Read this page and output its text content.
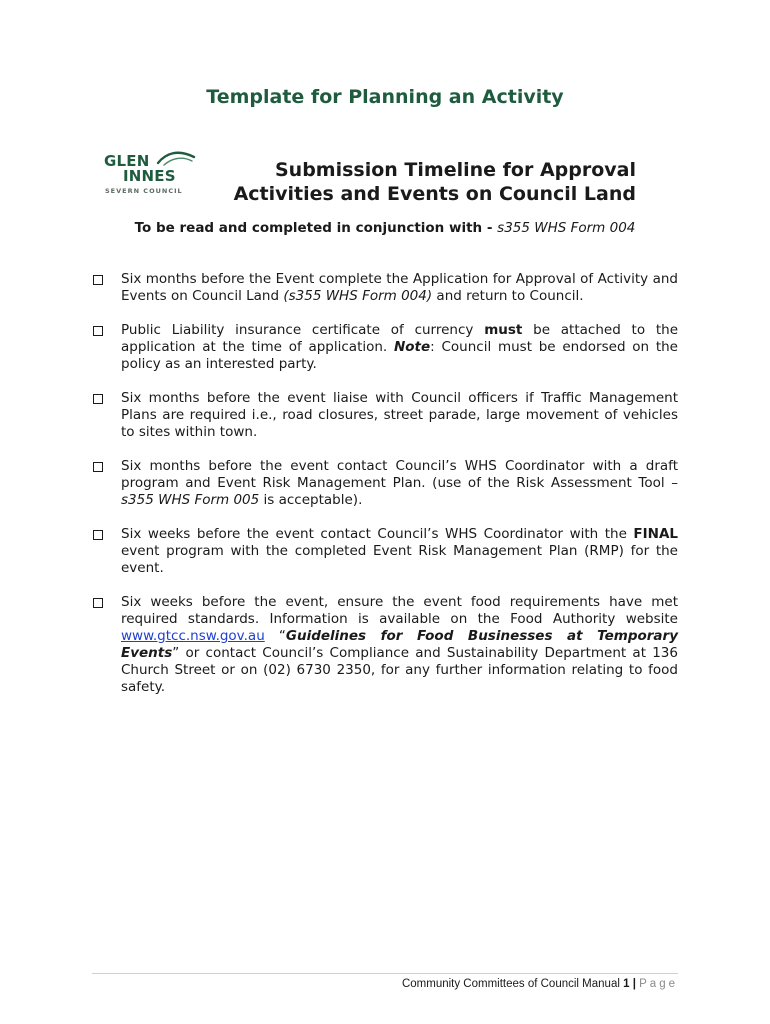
Template for Planning an Activity
GLEN
INNES
SEVERN COUNCIL
Submission Timeline for Approval
Activities and Events on Council Land
To be read and completed in conjunction with - s355 WHS Form 004
Six months before the Event complete the Application for Approval of Activity and Events on Council Land (s355 WHS Form 004) and return to Council.
Public Liability insurance certificate of currency must be attached to the application at the time of application. Note: Council must be endorsed on the policy as an interested party.
Six months before the event liaise with Council officers if Traffic Management Plans are required i.e., road closures, street parade, large movement of vehicles to sites within town.
Six months before the event contact Council’s WHS Coordinator with a draft program and Event Risk Management Plan. (use of the Risk Assessment Tool – s355 WHS Form 005 is acceptable).
Six weeks before the event contact Council’s WHS Coordinator with the FINAL event program with the completed Event Risk Management Plan (RMP) for the event.
Six weeks before the event, ensure the event food requirements have met required standards. Information is available on the Food Authority website www.gtcc.nsw.gov.au “Guidelines for Food Businesses at Temporary Events” or contact Council’s Compliance and Sustainability Department at 136 Church Street or on (02) 6730 2350, for any further information relating to food safety.
Community Committees of Council Manual 1 | Page
